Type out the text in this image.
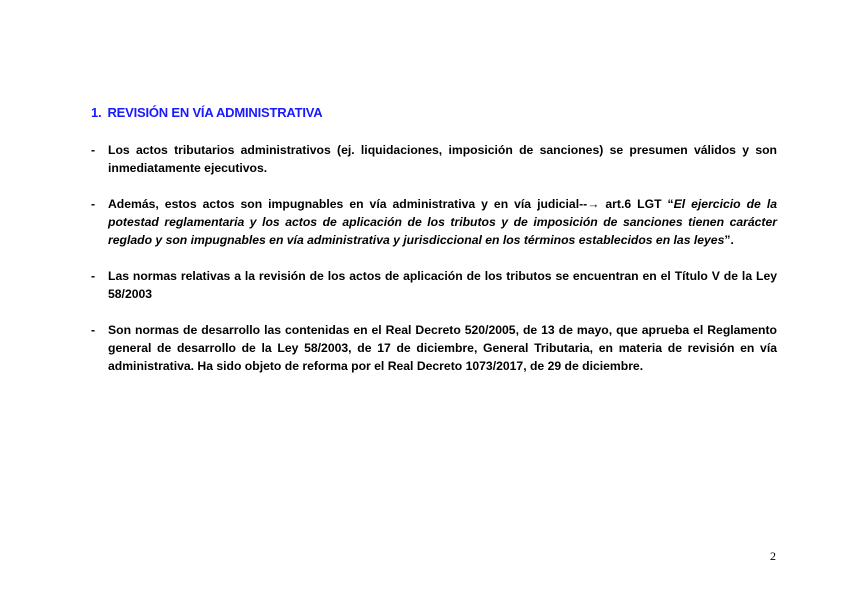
1. REVISIÓN EN VÍA ADMINISTRATIVA
-	Los actos tributarios administrativos (ej. liquidaciones, imposición de sanciones) se presumen válidos y son inmediatamente ejecutivos.
-	Además, estos actos son impugnables en vía administrativa y en vía judicial--→ art.6 LGT “El ejercicio de la potestad reglamentaria y los actos de aplicación de los tributos y de imposición de sanciones tienen carácter reglado y son impugnables en vía administrativa y jurisdiccional en los términos establecidos en las leyes”.
-	Las normas relativas a la revisión de los actos de aplicación de los tributos se encuentran en el Título V de la Ley 58/2003
-	Son normas de desarrollo las contenidas en el Real Decreto 520/2005, de 13 de mayo, que aprueba el Reglamento general de desarrollo de la Ley 58/2003, de 17 de diciembre, General Tributaria, en materia de revisión en vía administrativa. Ha sido objeto de reforma por el Real Decreto 1073/2017, de 29 de diciembre.
2
